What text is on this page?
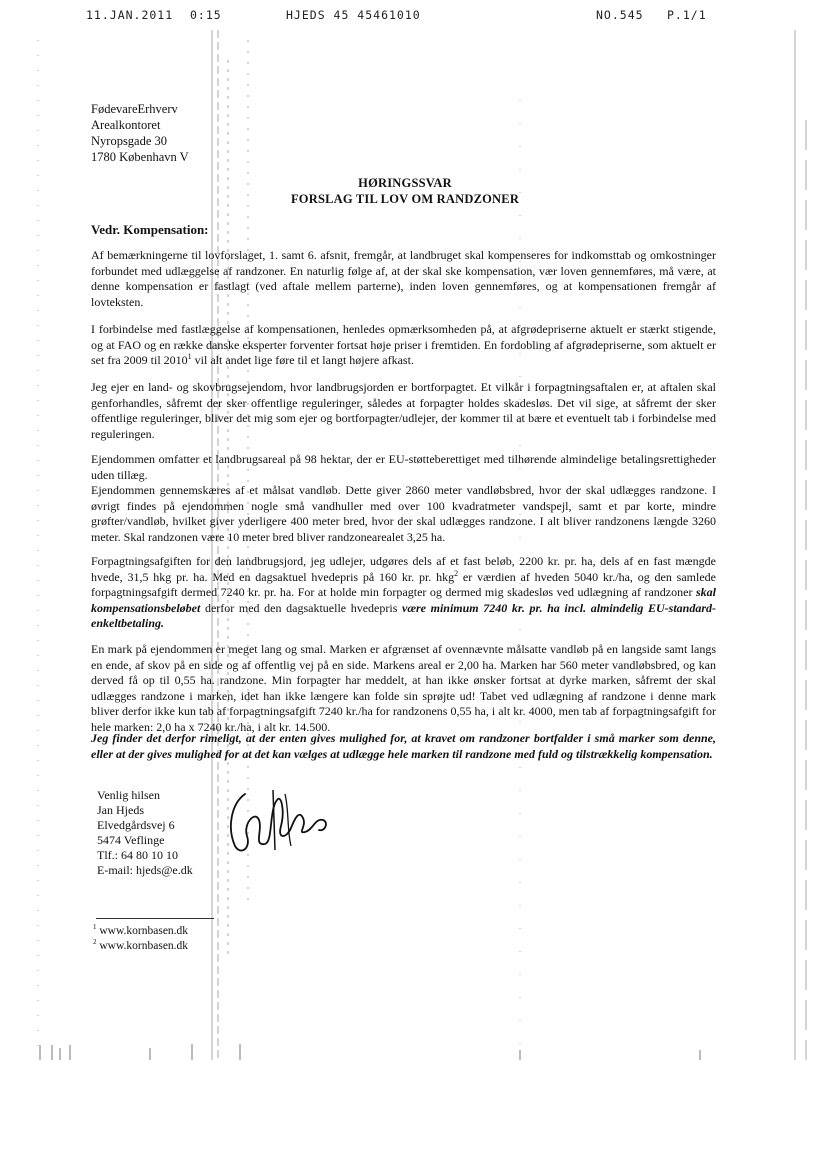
11.JAN.2011 0:15	HJEDS 45 45461010	NO.545 P.1/1
FødevareErhverv
Arealkontoret
Nyropsgade 30
1780 København V
HØRINGSSVAR
FORSLAG TIL LOV OM RANDZONER
Vedr. Kompensation:

Af bemærkningerne til lovforslaget, 1. samt 6. afsnit, fremgår, at landbruget skal kompenseres for indkomsttab og omkostninger forbundet med udlæggelse af randzoner. En naturlig følge af, at der skal ske kompensation, vær loven gennemføres, må være, at denne kompensation er fastlagt (ved aftale mellem parterne), inden loven gennemføres, og at kompensationen fremgår af lovteksten.

I forbindelse med fastlæggelse af kompensationen, henledes opmærksomheden på, at afgrødepriserne aktuelt er stærkt stigende, og at FAO og en række danske eksperter forventer fortsat høje priser i fremtiden. En fordobling af afgrødepriserne, som aktuelt er set fra 2009 til 2010$^1$ vil alt andet lige føre til et langt højere afkast.

Jeg ejer en land- og skovbrugsejendom, hvor landbrugsjorden er bortforpagtet. Et vilkår i forpagtningsaftalen er, at aftalen skal genforhandles, såfremt der sker offentlige reguleringer, således at forpagter holdes skadesløs. Det vil sige, at såfremt der sker offentlige reguleringer, bliver det mig som ejer og bortforpagter/udlejer, der kommer til at bære et eventuelt tab i forbindelse med reguleringen.

Ejendommen omfatter et landbrugsareal på 98 hektar, der er EU-støtteberettiget med tilhørende almindelige betalingsrettigheder uden tillæg.

Ejendommen gennemskæres af et målsat vandløb. Dette giver 2860 meter vandløbsbred, hvor der skal udlægges randzone. I øvrigt findes på ejendommen nogle små vandhuller med over 100 kvadratmeter vandspejl, samt et par korte, mindre grøfter/vandløb, hvilket giver yderligere 400 meter bred, hvor der skal udlægges randzone. I alt bliver randzonens længde 3260 meter. Skal randzonen være 10 meter bred bliver randzonearealet 3,25 ha.

Forpagtningsafgiften for den landbrugsjord, jeg udlejer, udgøres dels af et fast beløb, 2200 kr. pr. ha, dels af en fast mængde hvede, 31,5 hkg pr. ha. Med en dagsaktuel hvedepris på 160 kr. pr. hkg$^2$ er værdien af hveden 5040 kr./ha, og den samlede forpagtningsafgift dermed 7240 kr. pr. ha. For at holde min forpagter og dermed mig skadesløs ved udlægning af randzoner skal kompensationsbeløbet derfor med den dagsaktuelle hvedepris være minimum 7240 kr. pr. ha incl. almindelig EU-standard-enkeltbetaling.

En mark på ejendommen er meget lang og smal. Marken er afgrænset af ovennævnte målsatte vandløb på en langside samt langs en ende, af skov på en side og af offentlig vej på en side. Markens areal er 2,00 ha. Marken har 560 meter vandløbsbred, og kan derved få op til 0,55 ha. randzone. Min forpagter har meddelt, at han ikke ønsker fortsat at dyrke marken, såfremt der skal udlægges randzone i marken, idet han ikke længere kan folde sin sprøjte ud! Tabet ved udlægning af randzone i denne mark bliver derfor ikke kun tab af forpagtningsafgift 7240 kr./ha for randzonens 0,55 ha, i alt kr. 4000, men tab af forpagtningsafgift for hele marken: 2,0 ha x 7240 kr./ha, i alt kr. 14.500.

Jeg finder det derfor rimeligt, at der enten gives mulighed for, at kravet om randzoner bortfalder i små marker som denne, eller at der gives mulighed for at det kan vælges at udlægge hele marken til randzone med fuld og tilstrækkelig kompensation.

Venlig hilsen
Jan Hjeds
Elvedgårdsvej 6
5474 Veflinge
Tlf.: 64 80 10 10
E-mail: hjeds@e.dk
$^1$ www.kornbasen.dk
$^2$ www.kornbasen.dk
